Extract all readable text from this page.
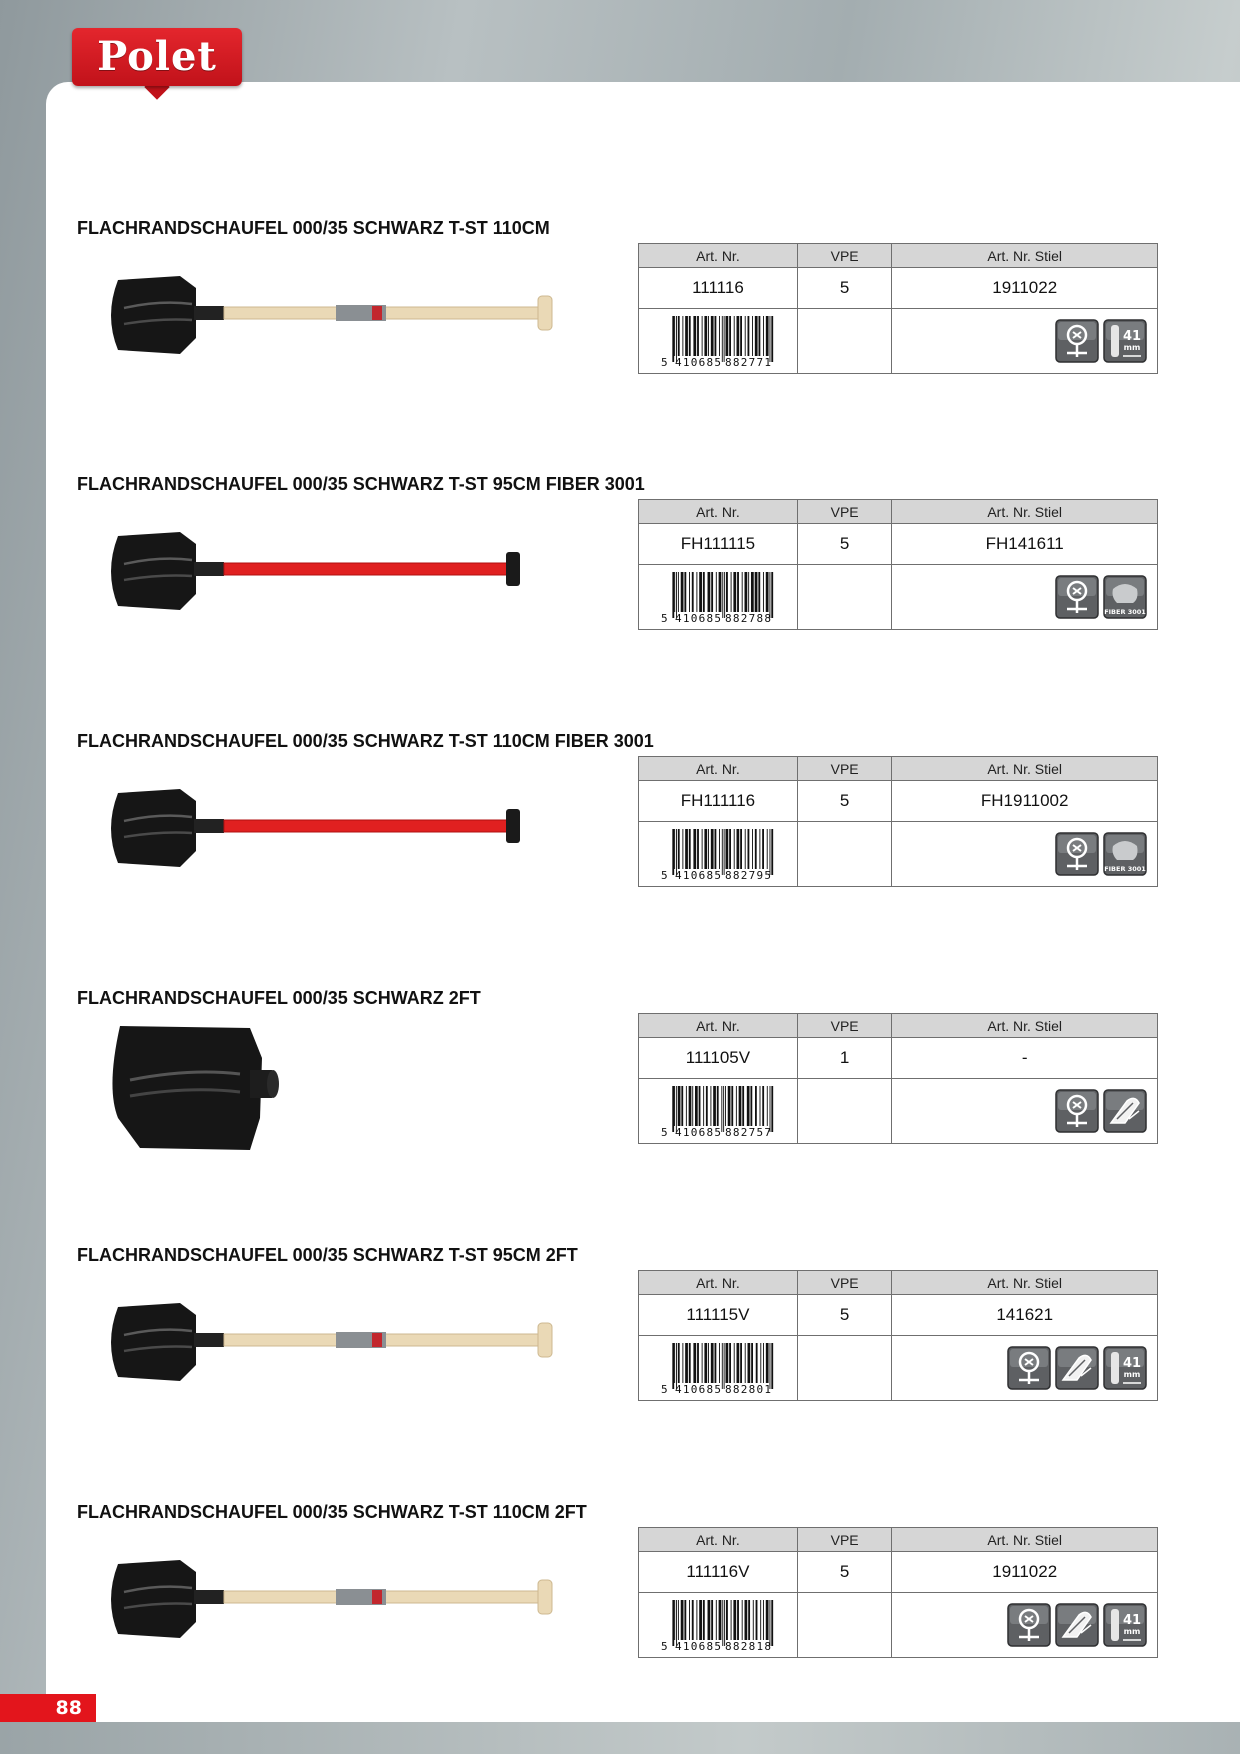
Polet
88
FLACHRANDSCHAUFEL 000/35 SCHWARZ T-ST 110CM
Art. Nr.	VPE	Art. Nr. Stiel
111116	5	1911022

5 410685 882771		41
mm
FLACHRANDSCHAUFEL 000/35 SCHWARZ T-ST 95CM FIBER 3001
Art. Nr.	VPE	Art. Nr. Stiel
FH111115	5	FH141611

5 410685 882788		FIBER 3001
FLACHRANDSCHAUFEL 000/35 SCHWARZ T-ST 110CM FIBER 3001
Art. Nr.	VPE	Art. Nr. Stiel
FH111116	5	FH1911002

5 410685 882795		FIBER 3001
FLACHRANDSCHAUFEL 000/35 SCHWARZ 2FT
Art. Nr.	VPE	Art. Nr. Stiel
111105V	1	-

5 410685 882757

FLACHRANDSCHAUFEL 000/35 SCHWARZ T-ST 95CM 2FT
Art. Nr.	VPE	Art. Nr. Stiel
111115V	5	141621

5 410685 882801		41
mm
FLACHRANDSCHAUFEL 000/35 SCHWARZ T-ST 110CM 2FT
Art. Nr.	VPE	Art. Nr. Stiel
111116V	5	1911022

5 410685 882818		41
mm
